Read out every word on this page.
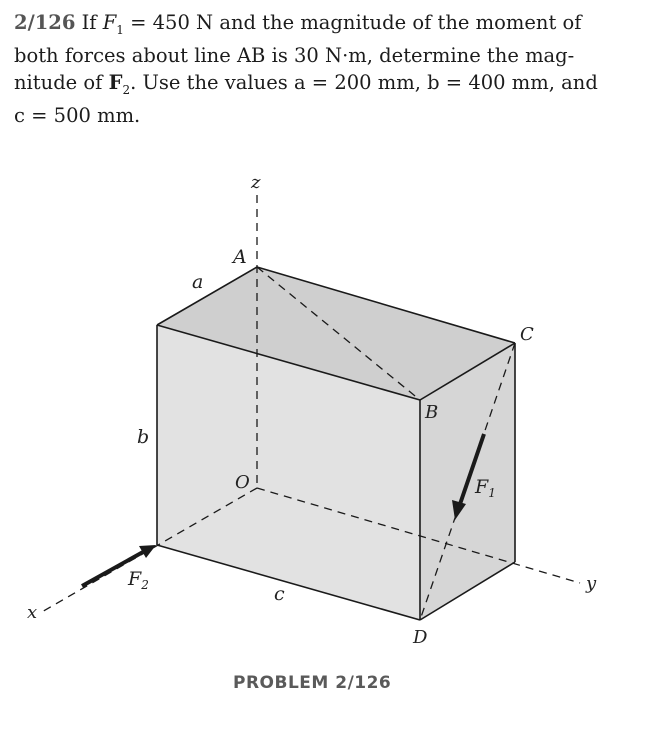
2/126 If $F_1 = 450$ N and the magnitude of the moment of
both forces about line AB is 30 N·m, determine the mag-
nitude of $F_2$. Use the values a = 200 mm, b = 400 mm, and
c = 500 mm.
z
A
a
C
B
b
O	$F_1$
$F_2$	y
c
x
D
PROBLEM 2/126
